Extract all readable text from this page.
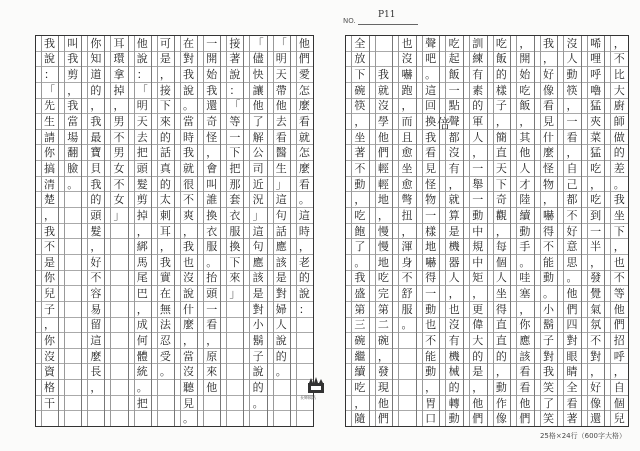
NO.
P11
他
們
愛
怎
麼
看
就
怎
麼
看
。
這
時
，
老
的
說
：
「
明
天
帶
他
去
看
醫
生
」
這
句
話
應
該
是
對
婦
人
說
的
。
「
儘
快
讓
他
了
解
公
司
近
況
」
這
句
應
該
是
對
小
鬍
子
說
的
。
接
著
說
：
「
等
一
下
把
那
套
衣
服
換
下
來
」
一
開
始
我
還
奇
怪
，
會
叫
誰
換
衣
服
。
抬
頭
一
看
，
原
來
他
在
對
我
說
。
當
時
我
就
很
不
爽
，
我
也
沒
說
什
麼
，
當
沒
聽
見
。
可
是
，
接
下
來
的
話
真
的
太
刺
耳
，
我
實
在
無
法
忍
受
。
他
說
：
「
明
天
去
把
頭
髮
剪
掉
，
綁
馬
尾
巴
，
成
何
體
統
。
把
耳
環
拿
掉
，
男
不
男
女
不
女
」
你
知
道
的
，
我
最
寶
貝
我
的
頭
髮
，
好
不
容
易
留
這
麼
長
，
叫
我
剪
，
我
當
場
翻
臉
。
我
說
：
「
先
生
請
你
搞
清
楚
，
我
不
是
你
兒
子
，
你
沒
資
格
干
，
不
比
大
廚
師
做
的
差
。
我
坐
下
，
也
不
等
他
們
招
呼
，
自
個
兒
唏
哩
呼
嚕
猛
夾
菜
猛
吃
，
吃
到
一
半
，
發
覺
氣
氛
不
對
，
好
像
還
沒
人
動
筷
，
一
看
，
自
己
都
不
好
意
思
。
他
們
四
對
眼
睛
全
看
著
我
，
好
像
看
見
什
麼
怪
物
，
嚇
得
不
能
動
。
小
鬍
子
對
我
笑
了
笑
，
開
始
吃
飯
，
其
他
人
才
陸
續
動
手
。
哇
塞
，
你
應
該
看
看
他
們
吃
飯
的
樣
子
，
簡
直
天
下
奇
觀
，
每
個
人
坐
得
直
直
的
，
動
作
像
訓
練
有
素
的
軍
人
，
一
舉
一
動
中
規
中
矩
，
更
偉
大
的
是
，
他
們
吃
起
飯
一
點
聲
都
沒
有
，
就
算
是
機
器
人
，
也
沒
有
機
械
的
轉
動
聲
吧
。
這
回
換
我
看
見
怪
物
一
樣
地
嚇
得
一
動
也
不
能
動
，
胃
口
也
沒
嚇
跑
，
而
且
愈
坐
愈
彆
扭
，
渾
身
不
舒
服
。
我
就
沒
學
他
們
輕
輕
地
，
慢
慢
地
吃
完
第
二
碗
，
發
現
他
們
全
放
下
碗
筷
，
坐
著
不
動
，
吃
飽
了
。
我
盛
第
三
碗
繼
續
吃
，
隨
倍
長輝稿紙
25格×24行（600字大格）
